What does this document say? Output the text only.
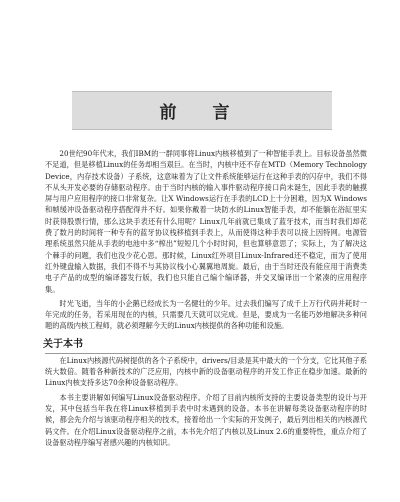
前 言

20世纪90年代末，我们IBM的一群同事将Linux内核移植到了一种智能手表上。目标设备虽然微不足道，但是移植Linux的任务却相当艰巨。在当时，内核中还不存在MTD（Memory Technology Device，内存技术设备）子系统，这意味着为了让文件系统能够运行在这种手表的闪存中，我们不得不从头开发必要的存储驱动程序。由于当时内核的输入事件驱动程序接口尚未诞生，因此手表的触摸屏与用户应用程序的接口非常复杂。让X Windows运行在手表的LCD上十分困难，因为X Windows和帧缓冲设备驱动程序搭配得并不好。如果你戴着一块防水的Linux智能手表，却不能躺在浴缸里实时获得股票行情，那么这块手表还有什么用呢？Linux几年前就已集成了蓝牙技术，而当时我们却花费了数月的时间将一种专有的蓝牙协议栈移植到手表上，从而使得这种手表可以接上因特网。电源管理系统虽然只能从手表的电池中多“榨出”短短几个小时时间，但也算够意思了；实际上，为了解决这个棘手的问题，我们也没少花心思。那时候，Linux红外项目Linux-Infrared还不稳定，而为了使用红外键盘输入数据，我们不得不与其协议栈小心翼翼地周旋。最后，由于当时还没有能应用于消费类电子产品的成型的编译器发行版，我们也只能自己编个编译器，并交叉编译出一个紧凑的应用程序集。

时光飞逝，当年的小企鹅已经成长为一名健壮的少年。过去我们编写了成千上万行代码并耗时一年完成的任务，若采用现在的内核，只需要几天就可以完成。但是，要成为一名能巧妙地解决多种问题的高级内核工程师，就必须理解今天的Linux内核提供的各种功能和设施。

关于本书

在Linux内核源代码树提供的各个子系统中，drivers/目录是其中最大的一个分支，它比其他子系统大数倍。随着各种新技术的广泛应用，内核中新的设备驱动程序的开发工作正在稳步加速。最新的Linux内核支持多达70余种设备驱动程序。

本书主要讲解如何编写Linux设备驱动程序。介绍了目前内核所支持的主要设备类型的设计与开发，其中包括当年我在将Linux移植到手表中时未遇到的设备。本书在讲解每类设备驱动程序的时候，都会先介绍与该驱动程序相关的技术，接着给出一个实际的开发例子，最后列出相关的内核源代码文件。在介绍Linux设备驱动程序之前，本书先介绍了内核以及Linux 2.6的重要特性，重点介绍了设备驱动程序编写者感兴趣的内核知识。
